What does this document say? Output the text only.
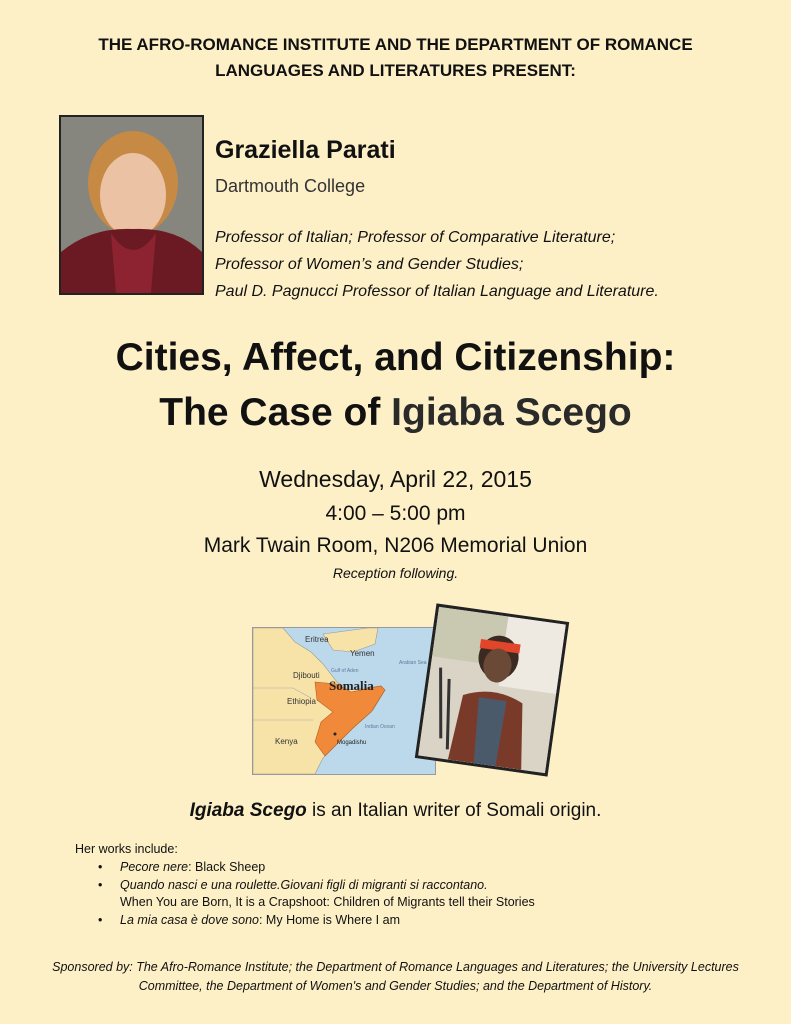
THE AFRO-ROMANCE INSTITUTE AND THE DEPARTMENT OF ROMANCE
LANGUAGES AND LITERATURES PRESENT:
Graziella Parati
Dartmouth College
Professor of Italian; Professor of Comparative Literature;
Professor of Women’s and Gender Studies;
Paul D. Pagnucci Professor of Italian Language and Literature.
Cities, Affect, and Citizenship:
The Case of Igiaba Scego
Wednesday, April 22, 2015
4:00 – 5:00 pm
Mark Twain Room, N206 Memorial Union
Reception following.
Eritrea
Yemen
Djibouti Gulf of Aden
Arabian Sea
Ethiopia
Somalia
Indian Ocean
Kenya	Mogadishu
Igiaba Scego is an Italian writer of Somali origin.
Her works include:
• Pecore nere: Black Sheep
• Quando nasci e una roulette.Giovani figli di migranti si raccontano.
When You are Born, It is a Crapshoot: Children of Migrants tell their Stories
• La mia casa è dove sono: My Home is Where I am
Sponsored by: The Afro-Romance Institute; the Department of Romance Languages and Literatures; the University Lectures
Committee, the Department of Women's and Gender Studies; and the Department of History.
